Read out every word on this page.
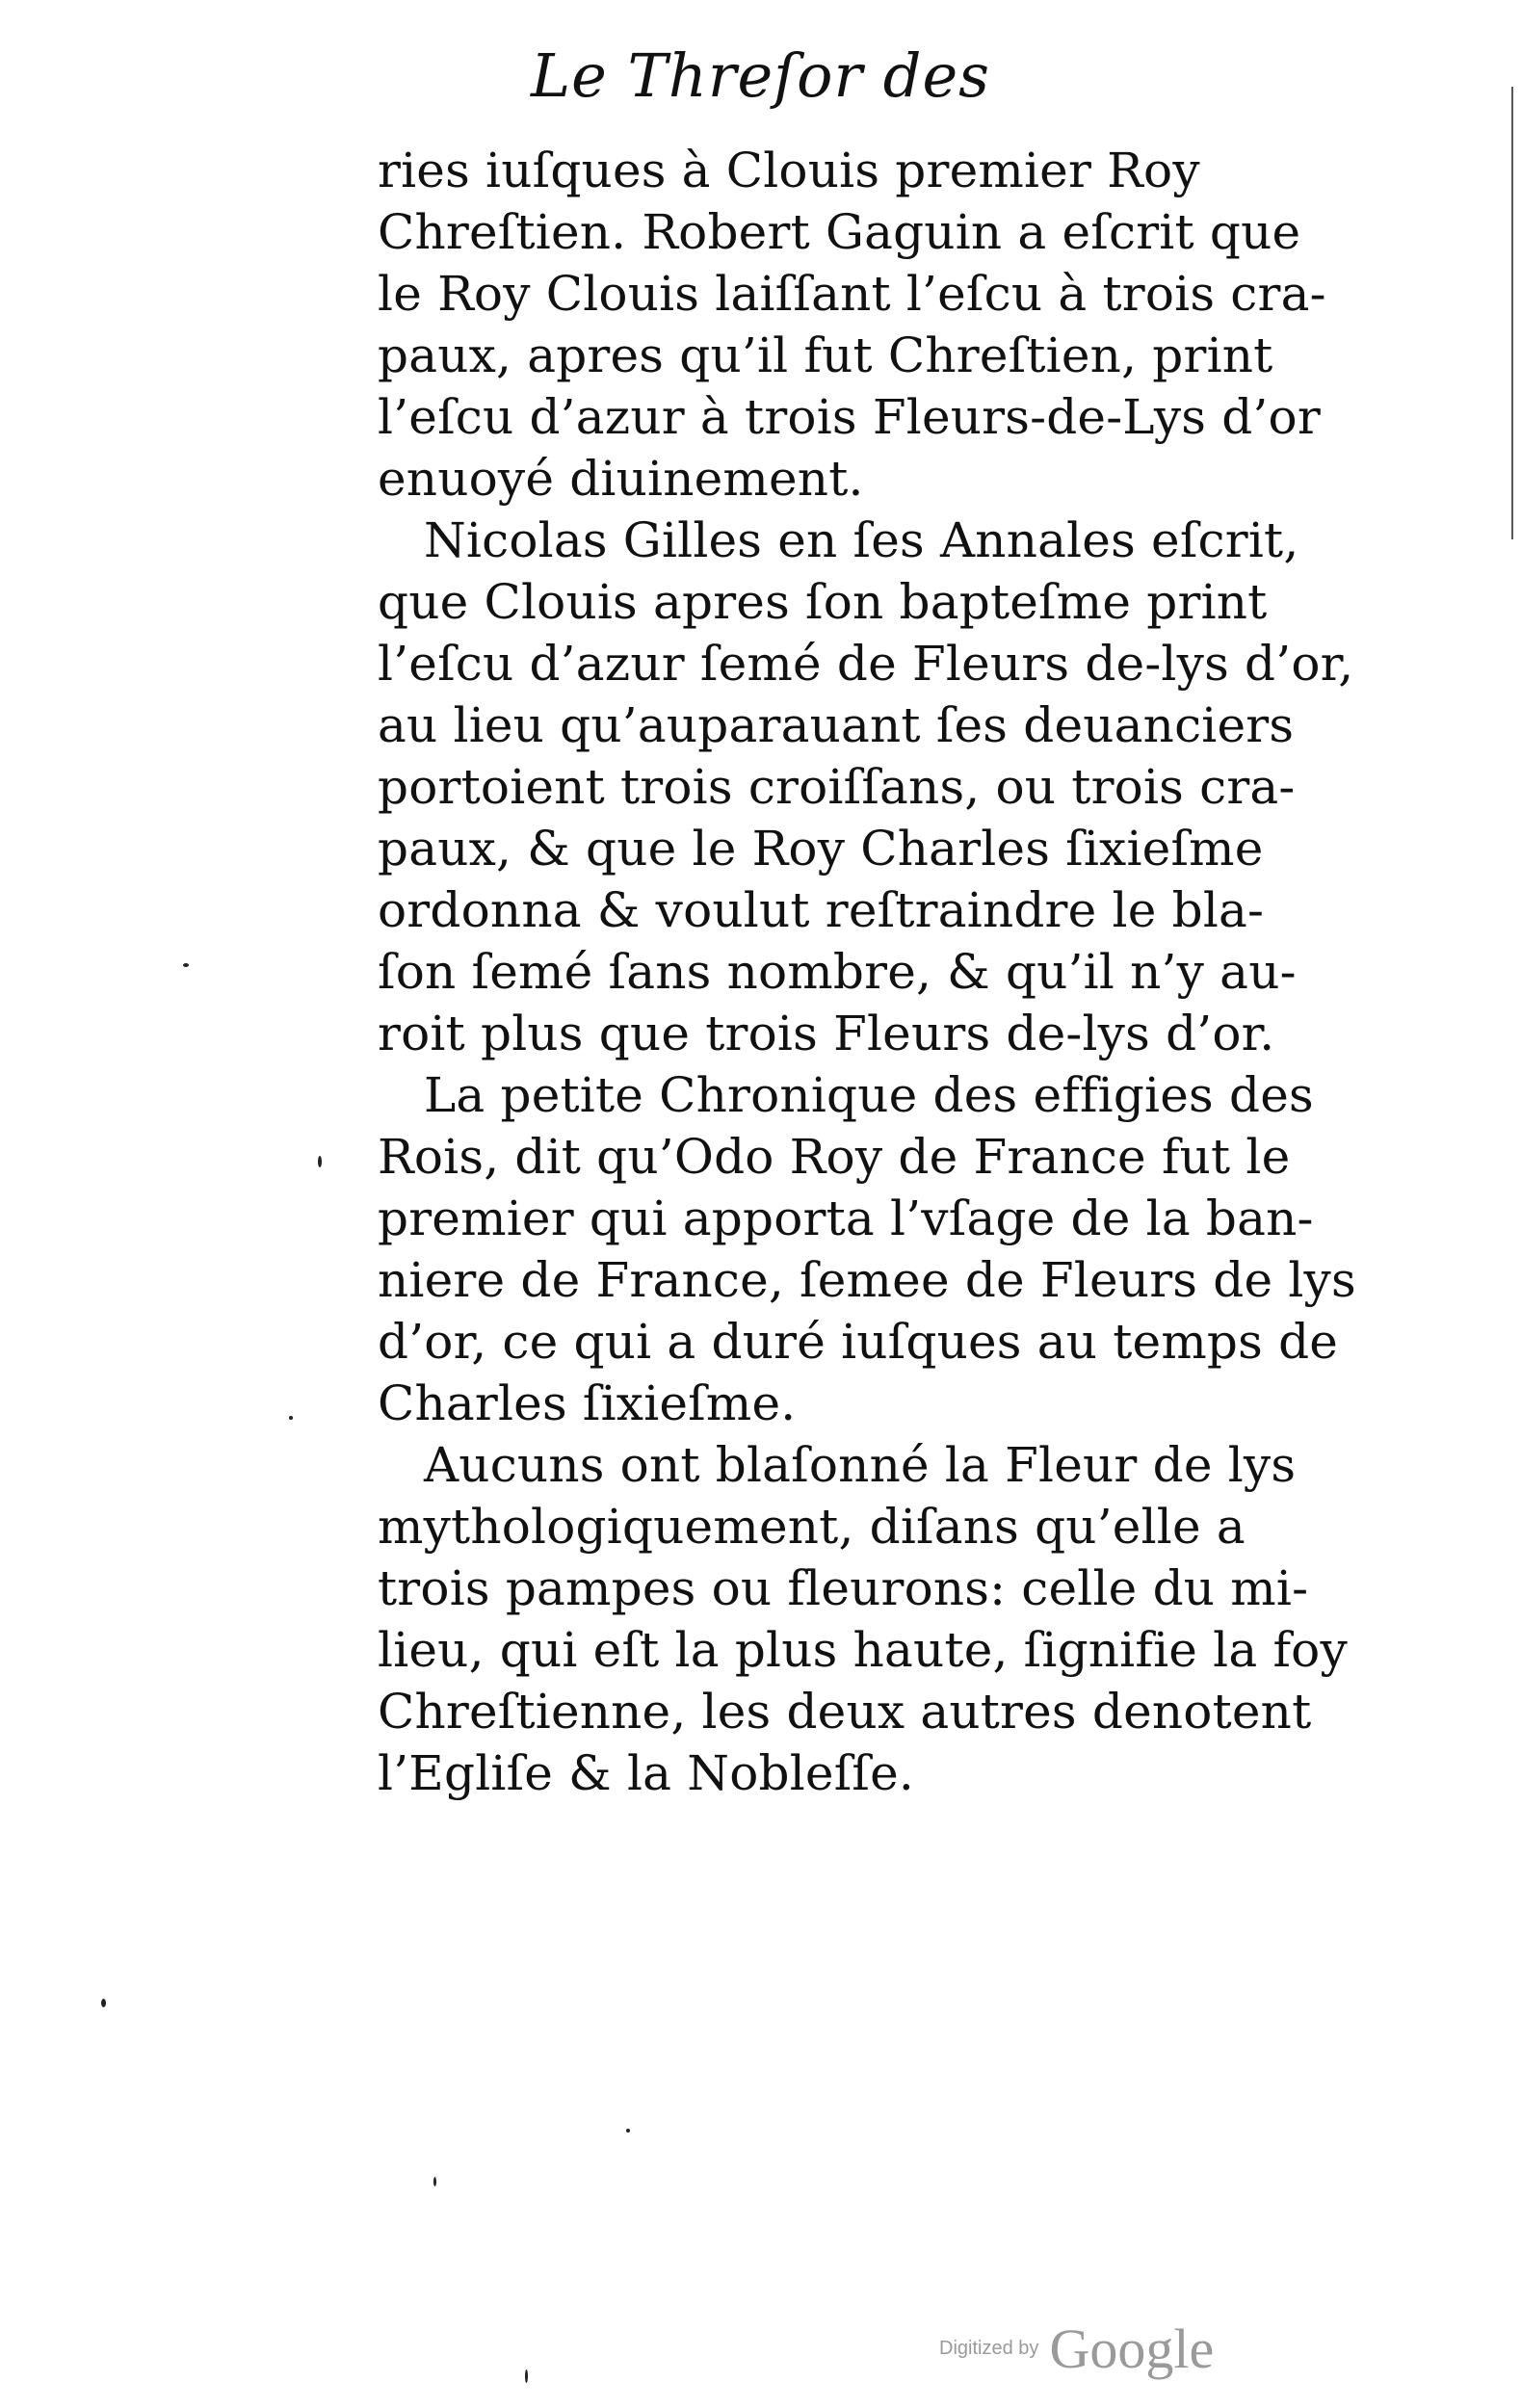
Le Threſor des
ries iuſques à Clouis premier Roy
Chreſtien. Robert Gaguin a eſcrit que
le Roy Clouis laiſſant l’eſcu à trois cra-
paux, apres qu’il fut Chreſtien, print
l’eſcu d’azur à trois Fleurs-de-Lys d’or
enuoyé diuinement.
Nicolas Gilles en ſes Annales eſcrit,
que Clouis apres ſon bapteſme print
l’eſcu d’azur ſemé de Fleurs de-lys d’or,
au lieu qu’auparauant ſes deuanciers
portoient trois croiſſans, ou trois cra-
paux, & que le Roy Charles ſixieſme
ordonna & voulut reſtraindre le bla-
ſon ſemé ſans nombre, & qu’il n’y au-
roit plus que trois Fleurs de-lys d’or.
La petite Chronique des effigies des
Rois, dit qu’Odo Roy de France fut le
premier qui apporta l’vſage de la ban-
niere de France, ſemee de Fleurs de lys
d’or, ce qui a duré iuſques au temps de
Charles ſixieſme.
Aucuns ont blaſonné la Fleur de lys
mythologiquement, diſans qu’elle a
trois pampes ou fleurons: celle du mi-
lieu, qui eſt la plus haute, ſignifie la foy
Chreſtienne, les deux autres denotent
l’Egliſe & la Nobleſſe.
Digitized by Google
